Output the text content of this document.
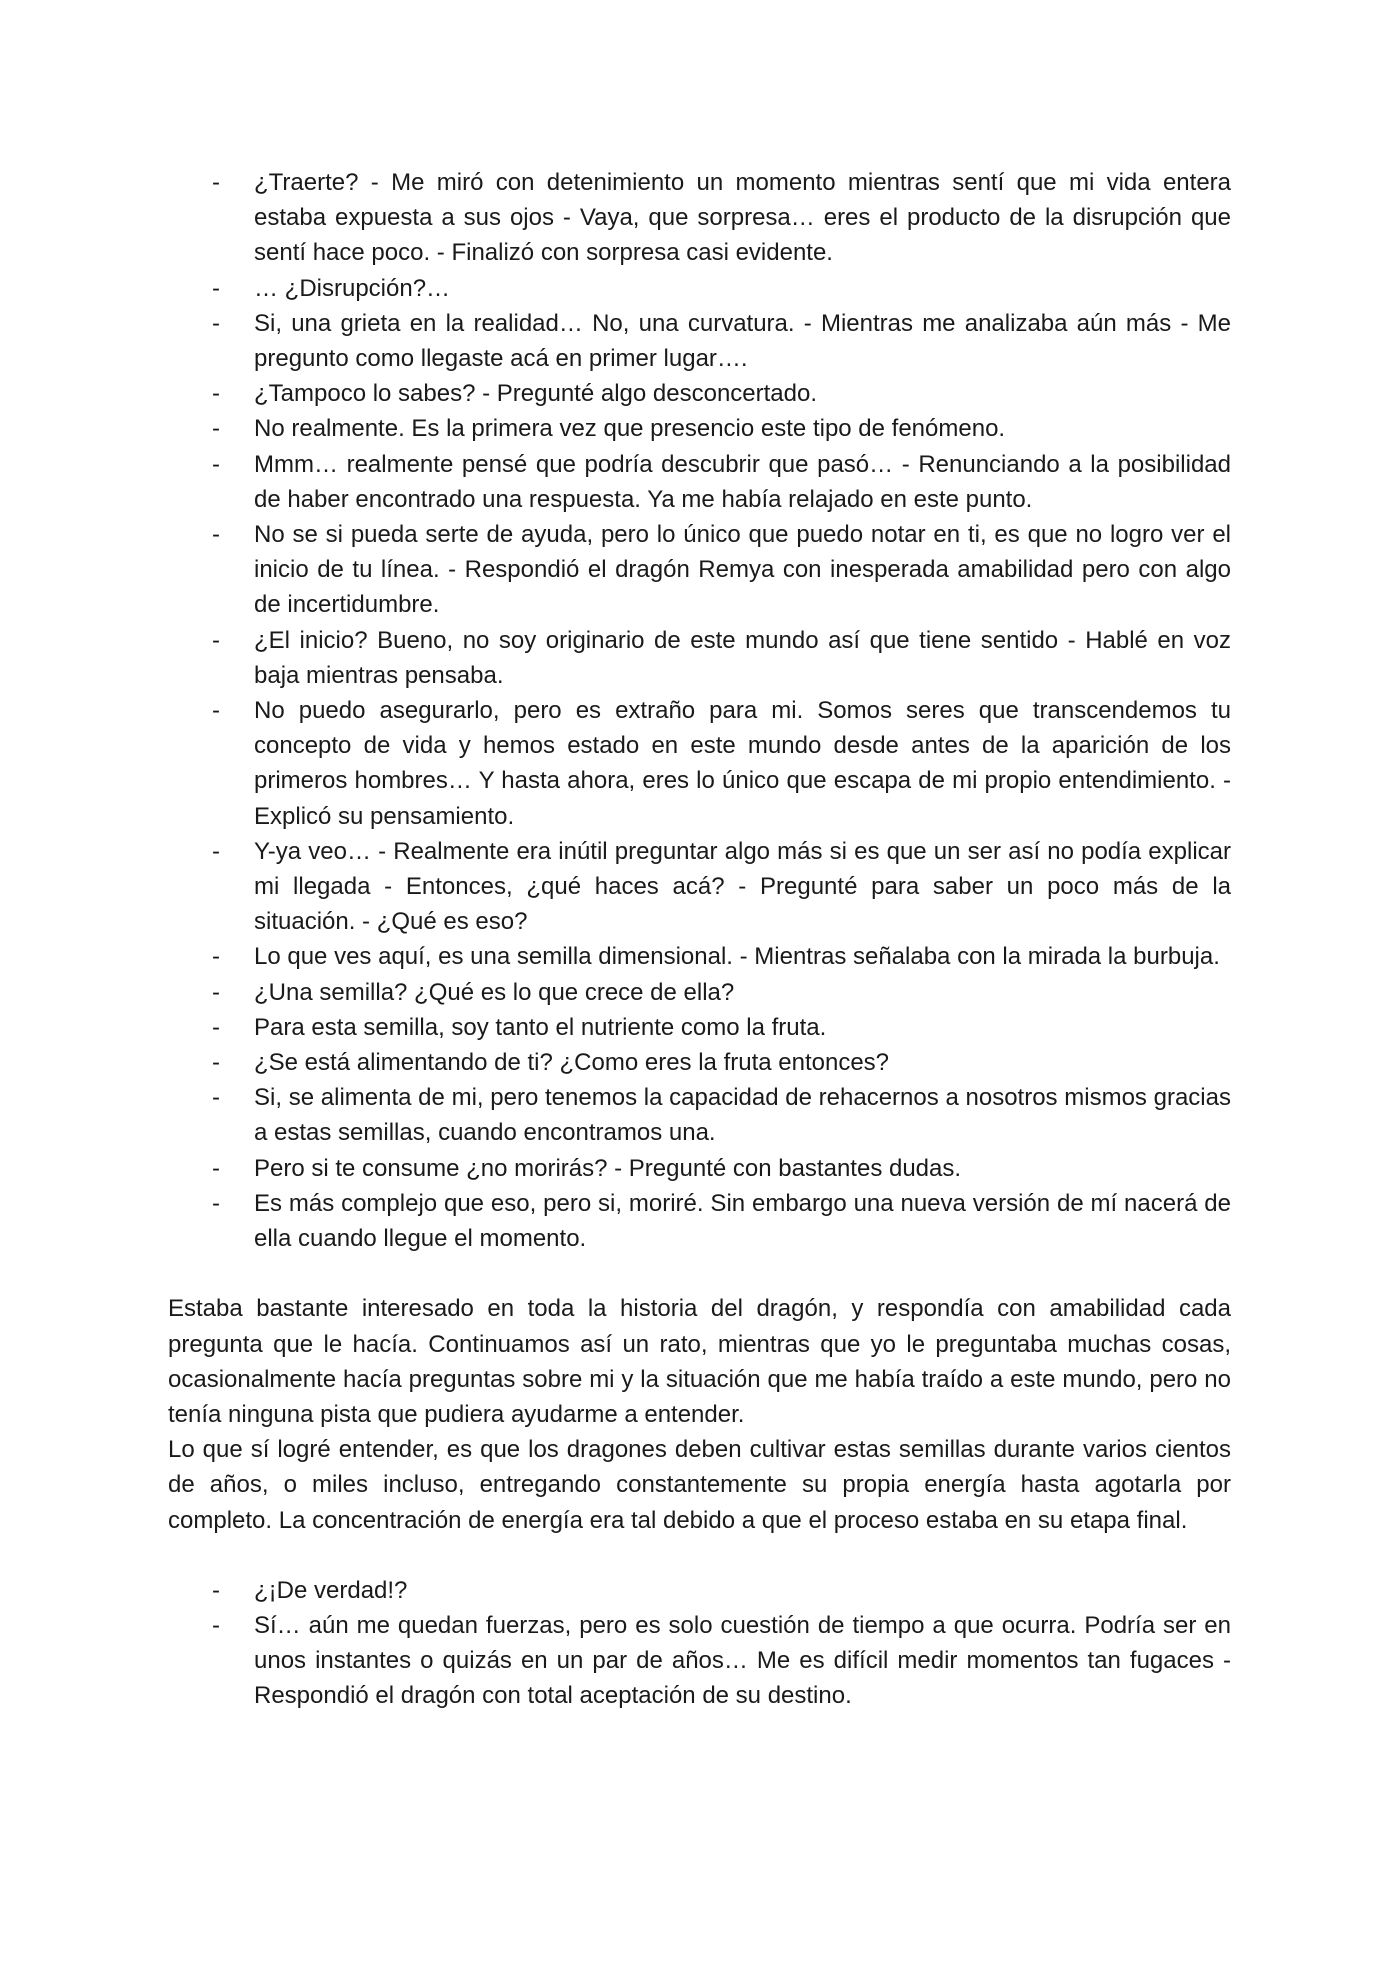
- ¿Traerte? - Me miró con detenimiento un momento mientras sentí que mi vida entera estaba expuesta a sus ojos - Vaya, que sorpresa… eres el producto de la disrupción que sentí hace poco. - Finalizó con sorpresa casi evidente.
- … ¿Disrupción?…
- Si, una grieta en la realidad… No, una curvatura. - Mientras me analizaba aún más - Me pregunto como llegaste acá en primer lugar….
- ¿Tampoco lo sabes? - Pregunté algo desconcertado.
- No realmente. Es la primera vez que presencio este tipo de fenómeno.
- Mmm… realmente pensé que podría descubrir que pasó… - Renunciando a la posibilidad de haber encontrado una respuesta. Ya me había relajado en este punto.
- No se si pueda serte de ayuda, pero lo único que puedo notar en ti, es que no logro ver el inicio de tu línea. - Respondió el dragón Remya con inesperada amabilidad pero con algo de incertidumbre.
- ¿El inicio? Bueno, no soy originario de este mundo así que tiene sentido - Hablé en voz baja mientras pensaba.
- No puedo asegurarlo, pero es extraño para mi. Somos seres que transcendemos tu concepto de vida y hemos estado en este mundo desde antes de la aparición de los primeros hombres… Y hasta ahora, eres lo único que escapa de mi propio entendimiento. - Explicó su pensamiento.
- Y-ya veo… - Realmente era inútil preguntar algo más si es que un ser así no podía explicar mi llegada - Entonces, ¿qué haces acá? - Pregunté para saber un poco más de la situación. - ¿Qué es eso?
- Lo que ves aquí, es una semilla dimensional. - Mientras señalaba con la mirada la burbuja.
- ¿Una semilla? ¿Qué es lo que crece de ella?
- Para esta semilla, soy tanto el nutriente como la fruta.
- ¿Se está alimentando de ti? ¿Como eres la fruta entonces?
- Si, se alimenta de mi, pero tenemos la capacidad de rehacernos a nosotros mismos gracias a estas semillas, cuando encontramos una.
- Pero si te consume ¿no morirás? - Pregunté con bastantes dudas.
- Es más complejo que eso, pero si, moriré. Sin embargo una nueva versión de mí nacerá de ella cuando llegue el momento.

Estaba bastante interesado en toda la historia del dragón, y respondía con amabilidad cada pregunta que le hacía. Continuamos así un rato, mientras que yo le preguntaba muchas cosas, ocasionalmente hacía preguntas sobre mi y la situación que me había traído a este mundo, pero no tenía ninguna pista que pudiera ayudarme a entender.

Lo que sí logré entender, es que los dragones deben cultivar estas semillas durante varios cientos de años, o miles incluso, entregando constantemente su propia energía hasta agotarla por completo. La concentración de energía era tal debido a que el proceso estaba en su etapa final.

- ¿¡De verdad!?
- Sí… aún me quedan fuerzas, pero es solo cuestión de tiempo a que ocurra. Podría ser en unos instantes o quizás en un par de años… Me es difícil medir momentos tan fugaces - Respondió el dragón con total aceptación de su destino.
